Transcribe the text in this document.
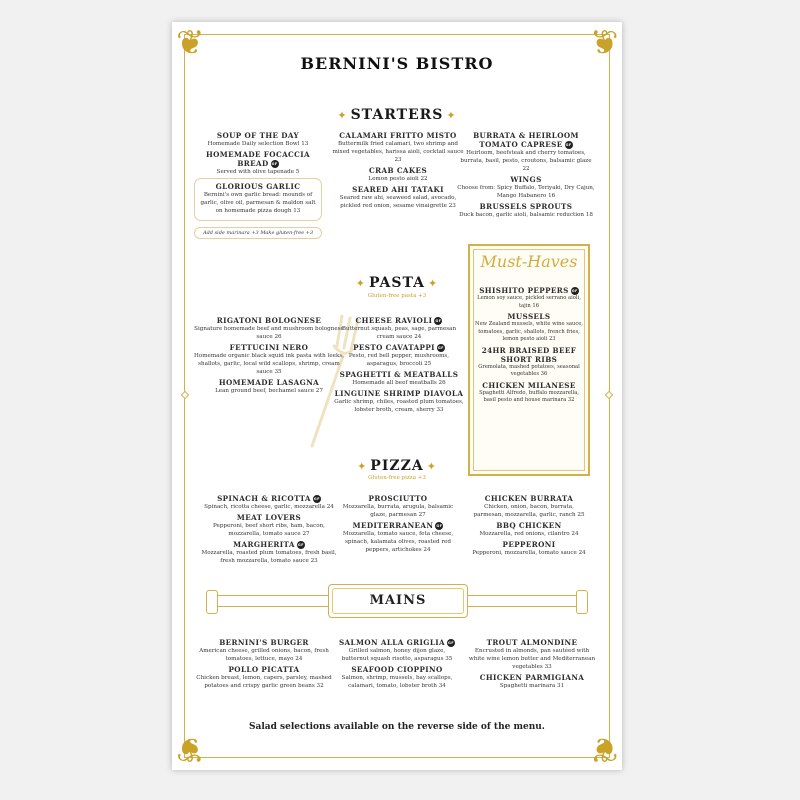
❦	❦
❦	❦
BERNINI'S BISTRO
✦ STARTERS ✦
SOUP OF THE DAY
Homemade Daily selection Bowl 13
HOMEMADE FOCACCIA BREAD GF
Served with olive tapenade 5
GLORIOUS GARLIC
Bernini's own garlic bread: mounds of garlic, olive oil, parmesan & maldon salt on homemade pizza dough 13
Add side marinara +3 Make gluten-free +3
CALAMARI FRITTO MISTO
Buttermilk fried calamari, two shrimp and mixed vegetables, harissa aioli, cocktail sauce 23
CRAB CAKES
Lemon pesto aioli 22
SEARED AHI TATAKI
Seared raw ahi, seaweed salad, avocado, pickled red onion, sesame vinaigrette 23
BURRATA & HEIRLOOM TOMATO CAPRESE GF
Heirloom, beefsteak and cherry tomatoes, burrata, basil, pesto, croutons, balsamic glaze 22
WINGS
Choose from: Spicy Buffalo, Teriyaki, Dry Cajun, Mango Habanero 16
BRUSSELS SPROUTS
Duck bacon, garlic aioli, balsamic reduction 18
Must-Haves
SHISHITO PEPPERS GF
Lemon soy sauce, pickled serrano aioli, tajin 16
MUSSELS
New Zealand mussels, white wine sauce, tomatoes, garlic, shallots, french fries, lemon pesto aioli 23
24HR BRAISED BEEF SHORT RIBS
Gremolata, mashed potatoes, seasonal vegetables 36
CHICKEN MILANESE
Spaghetti Alfredo, buffalo mozzarella, basil pesto and house marinara 32
✦ PASTA ✦
Gluten-free pasta +3
RIGATONI BOLOGNESE
Signature homemade beef and mushroom bolognese sauce 26
FETTUCINI NERO
Homemade organic black squid ink pasta with leeks, shallots, garlic, local wild scallops, shrimp, cream sauce 35
HOMEMADE LASAGNA
Lean ground beef, bechamel sauce 27
CHEESE RAVIOLI GF
Butternut squash, peas, sage, parmesan cream sauce 24
PESTO CAVATAPPI GF
Pesto, red bell pepper, mushrooms, asparagus, broccoli 25
SPAGHETTI & MEATBALLS
Homemade all beef meatballs 26
LINGUINE SHRIMP DIAVOLA
Garlic shrimp, chiles, roasted plum tomatoes, lobster broth, cream, sherry 33
✦ PIZZA ✦
Gluten-free pizza +3
SPINACH & RICOTTA GF
Spinach, ricotta cheese, garlic, mozzarella 24
MEAT LOVERS
Pepperoni, beef short ribs, ham, bacon, mozzarella, tomato sauce 27
MARGHERITA GF
Mozzarella, roasted plum tomatoes, fresh basil, fresh mozzarella, tomato sauce 23
PROSCIUTTO
Mozzarella, burrata, arugula, balsamic glaze, parmesan 27
MEDITERRANEAN GF
Mozzarella, tomato sauce, feta cheese, spinach, kalamata olives, roasted red peppers, artichokes 24
CHICKEN BURRATA
Chicken, onion, bacon, burrata, parmesan, mozzarella, garlic, ranch 25
BBQ CHICKEN
Mozzarella, red onions, cilantro 24
PEPPERONI
Pepperoni, mozzarella, tomato sauce 24
MAINS
BERNINI'S BURGER
American cheese, grilled onions, bacon, fresh tomatoes, lettuce, mayo 24
POLLO PICATTA
Chicken breast, lemon, capers, parsley, mashed potatoes and crispy garlic green beans 32
SALMON ALLA GRIGLIA GF
Grilled salmon, honey dijon glaze, butternut squash risotto, asparagus 35
SEAFOOD CIOPPINO
Salmon, shrimp, mussels, bay scallops, calamari, tomato, lobster broth 34
TROUT ALMONDINE
Encrusted in almonds, pan sautéed with white wine lemon butter and Mediterranean vegetables 33
CHICKEN PARMIGIANA
Spaghetti marinara 31
Salad selections available on the reverse side of the menu.
